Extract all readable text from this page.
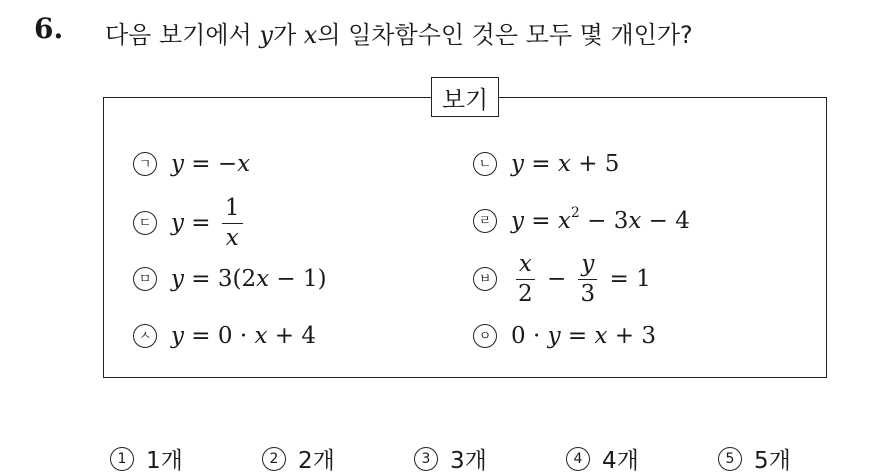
6. 다음 보기에서 y가 x의 일차함수인 것은 모두 몇 개인가?
보기
ㄱ y = − x	ㄴ y = x + 5
ㄷ $y = \frac{1}{x}$	ㄹ $y = x^2 - 3$ x − 4
ㅁ y = 3(2 x − 1)	ㅂ $\frac{x}{2} - \frac{y}{3} = 1$
ㅅ y = 0 · x + 4	ㅇ 0 · y = x + 3
1 1개	2 2개	3 3개	4 4개	5 5개
